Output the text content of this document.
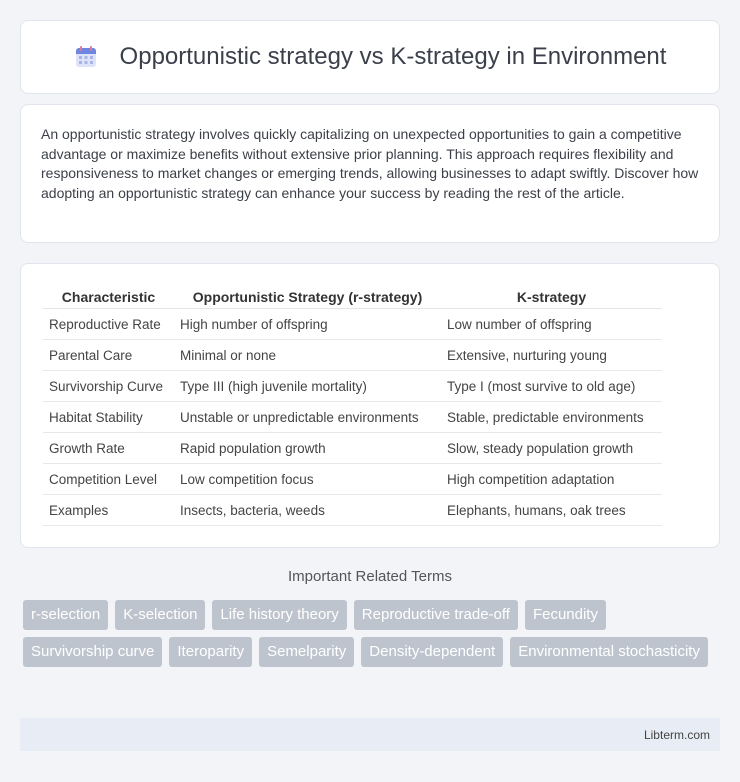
Opportunistic strategy vs K-strategy in Environment

An opportunistic strategy involves quickly capitalizing on unexpected opportunities to gain a competitive advantage or maximize benefits without extensive prior planning. This approach requires flexibility and responsiveness to market changes or emerging trends, allowing businesses to adapt swiftly. Discover how adopting an opportunistic strategy can enhance your success by reading the rest of the article.

Characteristic	Opportunistic Strategy (r-strategy)	K-strategy
Reproductive Rate	High number of offspring	Low number of offspring
Parental Care	Minimal or none	Extensive, nurturing young
Survivorship Curve	Type III (high juvenile mortality)	Type I (most survive to old age)
Habitat Stability	Unstable or unpredictable environments	Stable, predictable environments
Growth Rate	Rapid population growth	Slow, steady population growth
Competition Level	Low competition focus	High competition adaptation
Examples	Insects, bacteria, weeds	Elephants, humans, oak trees
Important Related Terms
r-selection	K-selection	Life history theory	Reproductive trade-off	Fecundity
Survivorship curve	Iteroparity	Semelparity	Density-dependent	Environmental stochasticity
Libterm.com
